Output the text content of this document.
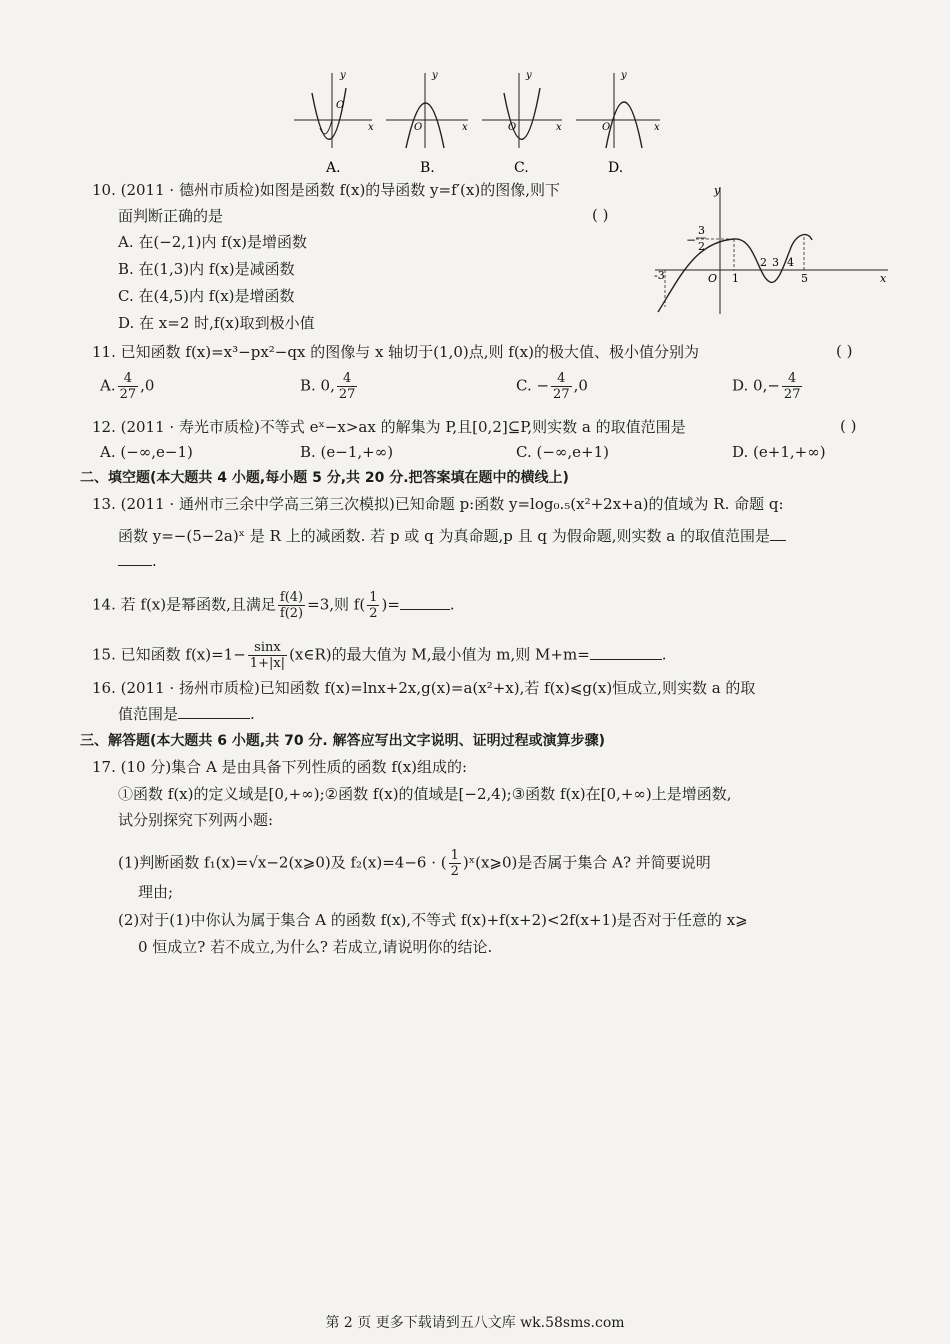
y
O
x
A.
y
O	x
B.
y
O	x
C.
y
O	x
D.
10. (2011 · 德州市质检)如图是函数 f(x)的导函数 y=f′(x)的图像,则下
面判断正确的是	( )
A. 在(−2,1)内 f(x)是增函数
B. 在(1,3)内 f(x)是减函数
C. 在(4,5)内 f(x)是增函数
D. 在 x=2 时,f(x)取到极小值
y
x
−
3
2
-3	O 1
2 3 4
5
11. 已知函数 f(x)=x³−px²−qx 的图像与 x 轴切于(1,0)点,则 f(x)的极大值、极小值分别为	( )
A. $\frac{4}{27} ,0$	B. 0, $\frac{4}{27}$	C. − $\frac{4}{27} ,0$	D. $0,- \frac{4}{27}$
12. (2011 · 寿光市质检)不等式 eˣ−x>ax 的解集为 P,且[0,2]⊆P,则实数 a 的取值范围是	( )
A. (−∞,e−1)	B. (e−1,+∞)	C. (−∞,e+1)	D. (e+1,+∞)
二、填空题(本大题共 4 小题,每小题 5 分,共 20 分.把答案填在题中的横线上)
13. (2011 · 通州市三余中学高三第三次模拟)已知命题 p:函数 y=log₀.₅(x²+2x+a)的值域为 R. 命题 q:
函数 y=−(5−2a)ˣ 是 R 上的减函数. 若 p 或 q 为真命题,p 且 q 为假命题,则实数 a 的取值范围是
.
14. 若 f(x)是幂函数,且满足 $\frac{f(4)}{f(2)} =3$,则 $f( \frac{1}{2}$ )=	.
15. 已知函数 $f(x)=1- \frac{\sin x}{1+|x|}$ (x∈R)的最大值为 M,最小值为 m,则 M+m=	.
16. (2011 · 扬州市质检)已知函数 f(x)=lnx+2x,g(x)=a(x²+x),若 f(x)⩽g(x)恒成立,则实数 a 的取
值范围是	.
三、解答题(本大题共 6 小题,共 70 分. 解答应写出文字说明、证明过程或演算步骤)
17. (10 分)集合 A 是由具备下列性质的函数 f(x)组成的:
①函数 f(x)的定义域是[0,+∞);②函数 f(x)的值域是[−2,4);③函数 f(x)在[0,+∞)上是增函数,
试分别探究下列两小题:
(1)判断函数 f₁(x)=√x−2(x⩾0)及 f₂(x)=4−6 · ( $\frac{1}{2}$ )ˣ(x⩾0)是否属于集合 A? 并简要说明
理由;
(2)对于(1)中你认为属于集合 A 的函数 f(x),不等式 f(x)+f(x+2)<2f(x+1)是否对于任意的 x⩾
0 恒成立? 若不成立,为什么? 若成立,请说明你的结论.
第 2 页 更多下载请到五八文库 wk.58sms.com
